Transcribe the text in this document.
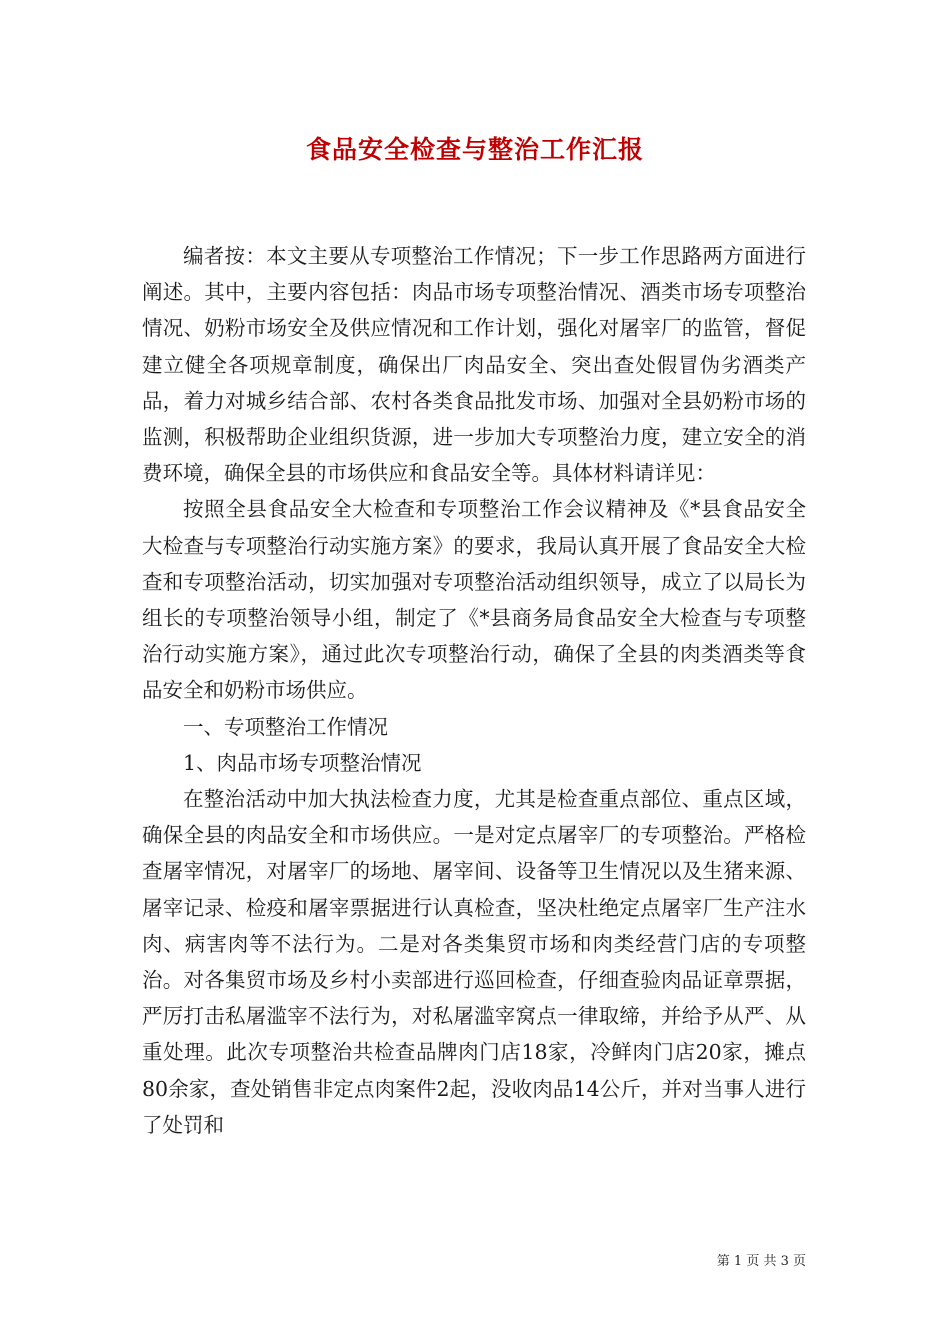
食品安全检查与整治工作汇报

编者按：本文主要从专项整治工作情况；下一步工作思路两方面进行阐述。其中，主要内容包括：肉品市场专项整治情况、酒类市场专项整治情况、奶粉市场安全及供应情况和工作计划，强化对屠宰厂的监管，督促建立健全各项规章制度，确保出厂肉品安全、突出查处假冒伪劣酒类产品，着力对城乡结合部、农村各类食品批发市场、加强对全县奶粉市场的监测，积极帮助企业组织货源，进一步加大专项整治力度，建立安全的消费环境，确保全县的市场供应和食品安全等。具体材料请详见：

按照全县食品安全大检查和专项整治工作会议精神及《*县食品安全大检查与专项整治行动实施方案》的要求，我局认真开展了食品安全大检查和专项整治活动，切实加强对专项整治活动组织领导，成立了以局长为组长的专项整治领导小组，制定了《*县商务局食品安全大检查与专项整治行动实施方案》，通过此次专项整治行动，确保了全县的肉类酒类等食品安全和奶粉市场供应。

一、专项整治工作情况

1、肉品市场专项整治情况

在整治活动中加大执法检查力度，尤其是检查重点部位、重点区域，确保全县的肉品安全和市场供应。一是对定点屠宰厂的专项整治。严格检查屠宰情况，对屠宰厂的场地、屠宰间、设备等卫生情况以及生猪来源、屠宰记录、检疫和屠宰票据进行认真检查，坚决杜绝定点屠宰厂生产注水肉、病害肉等不法行为。二是对各类集贸市场和肉类经营门店的专项整治。对各集贸市场及乡村小卖部进行巡回检查，仔细查验肉品证章票据，严厉打击私屠滥宰不法行为，对私屠滥宰窝点一律取缔，并给予从严、从重处理。此次专项整治共检查品牌肉门店18家，冷鲜肉门店20家，摊点80余家，查处销售非定点肉案件2起，没收肉品14公斤，并对当事人进行了处罚和

第 1 页 共 3 页
